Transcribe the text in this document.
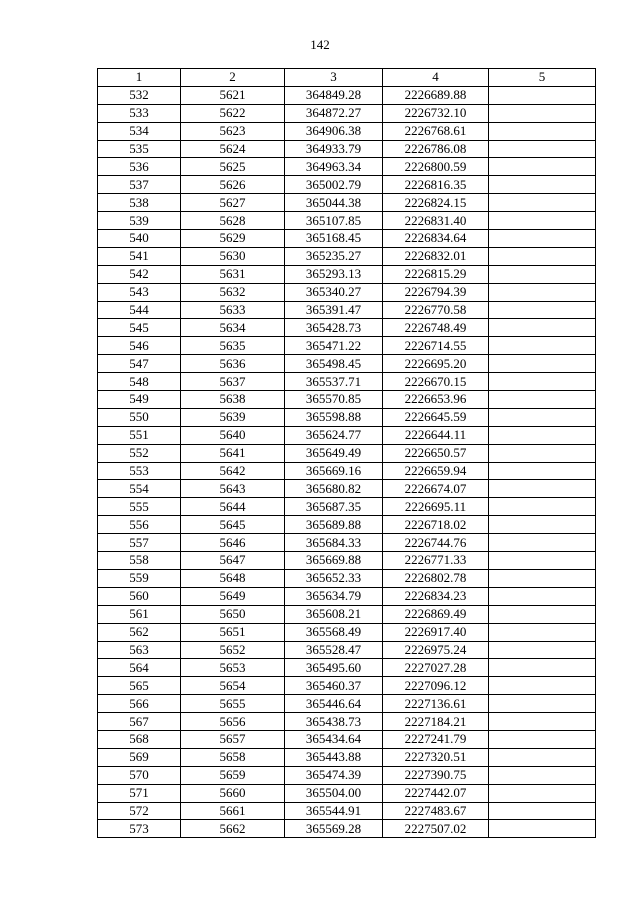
142
1	2	3	4	5
532	5621	364849.28	2226689.88	
533	5622	364872.27	2226732.10	
534	5623	364906.38	2226768.61	
535	5624	364933.79	2226786.08	
536	5625	364963.34	2226800.59	
537	5626	365002.79	2226816.35	
538	5627	365044.38	2226824.15	
539	5628	365107.85	2226831.40	
540	5629	365168.45	2226834.64	
541	5630	365235.27	2226832.01	
542	5631	365293.13	2226815.29	
543	5632	365340.27	2226794.39	
544	5633	365391.47	2226770.58	
545	5634	365428.73	2226748.49	
546	5635	365471.22	2226714.55	
547	5636	365498.45	2226695.20	
548	5637	365537.71	2226670.15	
549	5638	365570.85	2226653.96	
550	5639	365598.88	2226645.59	
551	5640	365624.77	2226644.11	
552	5641	365649.49	2226650.57	
553	5642	365669.16	2226659.94	
554	5643	365680.82	2226674.07	
555	5644	365687.35	2226695.11	
556	5645	365689.88	2226718.02	
557	5646	365684.33	2226744.76	
558	5647	365669.88	2226771.33	
559	5648	365652.33	2226802.78	
560	5649	365634.79	2226834.23	
561	5650	365608.21	2226869.49	
562	5651	365568.49	2226917.40	
563	5652	365528.47	2226975.24	
564	5653	365495.60	2227027.28	
565	5654	365460.37	2227096.12	
566	5655	365446.64	2227136.61	
567	5656	365438.73	2227184.21	
568	5657	365434.64	2227241.79	
569	5658	365443.88	2227320.51	
570	5659	365474.39	2227390.75	
571	5660	365504.00	2227442.07	
572	5661	365544.91	2227483.67	
573	5662	365569.28	2227507.02	
